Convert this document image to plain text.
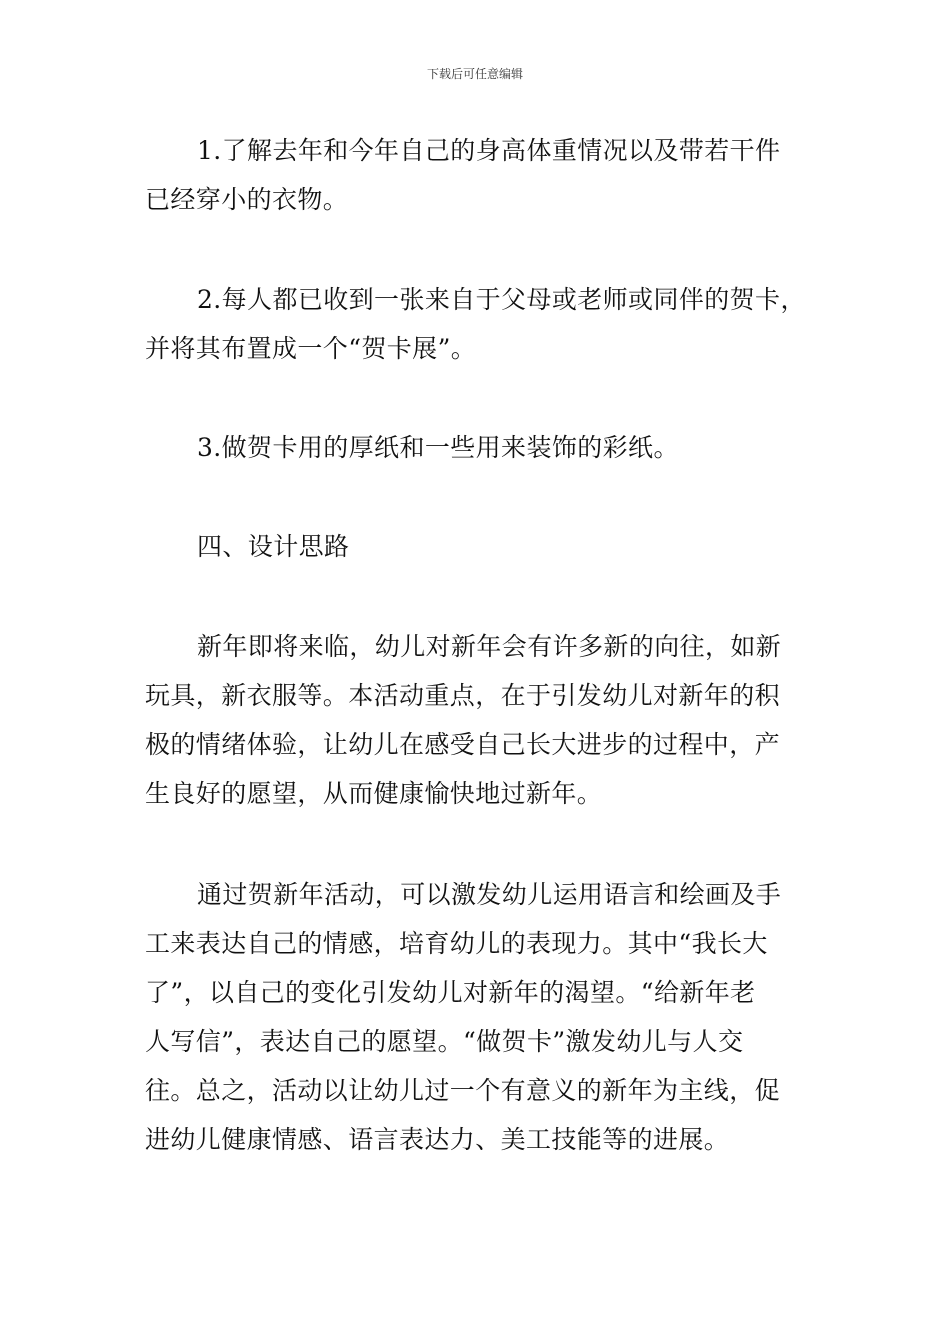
下载后可任意编辑
1.了解去年和今年自己的身高体重情况以及带若干件
已经穿小的衣物。
2.每人都已收到一张来自于父母或老师或同伴的贺卡，
并将其布置成一个“贺卡展”。
3.做贺卡用的厚纸和一些用来装饰的彩纸。
四、设计思路
新年即将来临，幼儿对新年会有许多新的向往，如新
玩具，新衣服等。本活动重点，在于引发幼儿对新年的积
极的情绪体验，让幼儿在感受自己长大进步的过程中，产
生良好的愿望，从而健康愉快地过新年。
通过贺新年活动，可以激发幼儿运用语言和绘画及手
工来表达自己的情感，培育幼儿的表现力。其中“我长大
了”，以自己的变化引发幼儿对新年的渴望。“给新年老
人写信”，表达自己的愿望。“做贺卡”激发幼儿与人交
往。总之，活动以让幼儿过一个有意义的新年为主线，促
进幼儿健康情感、语言表达力、美工技能等的进展。
